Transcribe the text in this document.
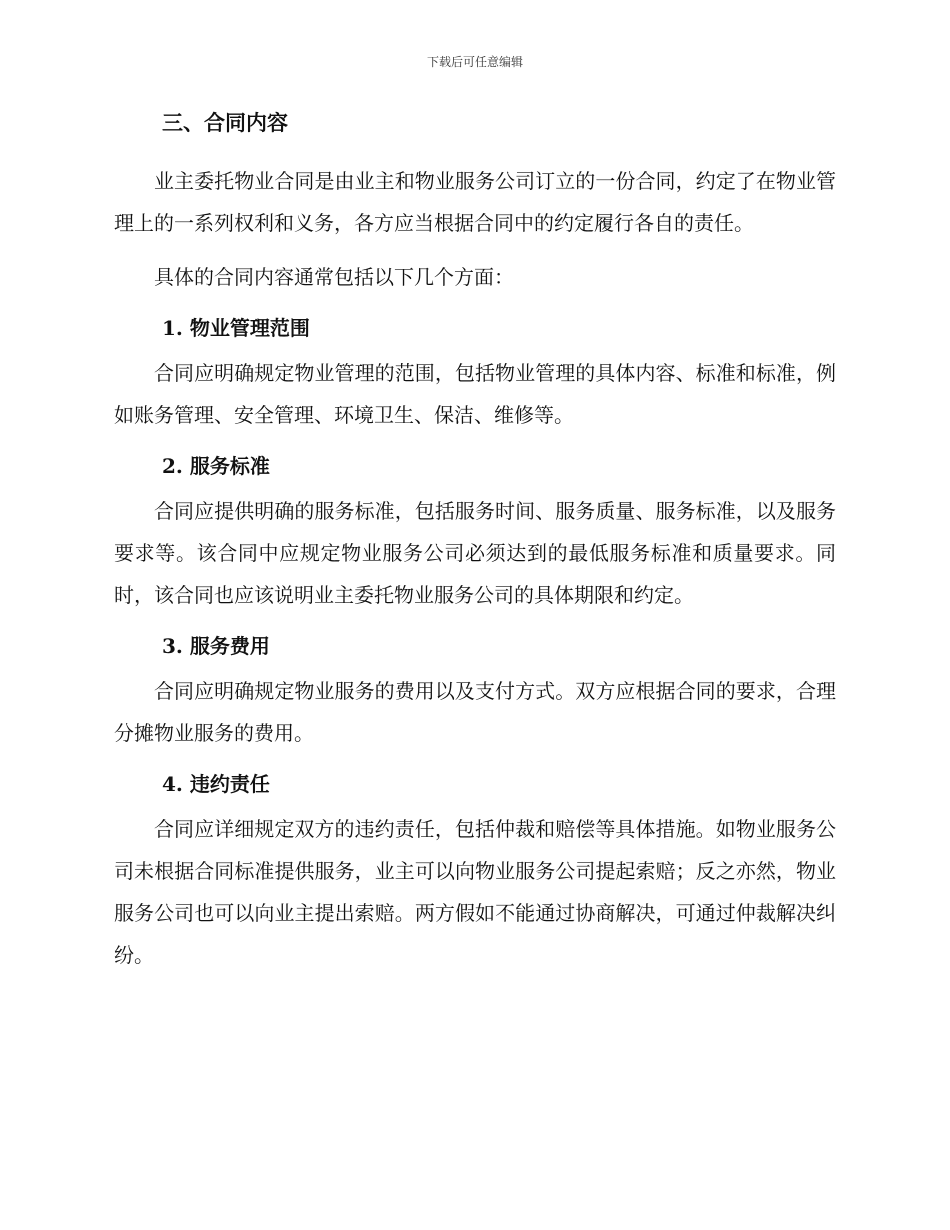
下载后可任意编辑
三、合同内容

业主委托物业合同是由业主和物业服务公司订立的一份合同，约定了在物业管理上的一系列权利和义务，各方应当根据合同中的约定履行各自的责任。

具体的合同内容通常包括以下几个方面：

1. 物业管理范围

合同应明确规定物业管理的范围，包括物业管理的具体内容、标准和标准，例如账务管理、安全管理、环境卫生、保洁、维修等。

2. 服务标准

合同应提供明确的服务标准，包括服务时间、服务质量、服务标准，以及服务要求等。该合同中应规定物业服务公司必须达到的最低服务标准和质量要求。同时，该合同也应该说明业主委托物业服务公司的具体期限和约定。

3. 服务费用

合同应明确规定物业服务的费用以及支付方式。双方应根据合同的要求，合理分摊物业服务的费用。

4. 违约责任

合同应详细规定双方的违约责任，包括仲裁和赔偿等具体措施。如物业服务公司未根据合同标准提供服务，业主可以向物业服务公司提起索赔；反之亦然，物业服务公司也可以向业主提出索赔。两方假如不能通过协商解决，可通过仲裁解决纠纷。
